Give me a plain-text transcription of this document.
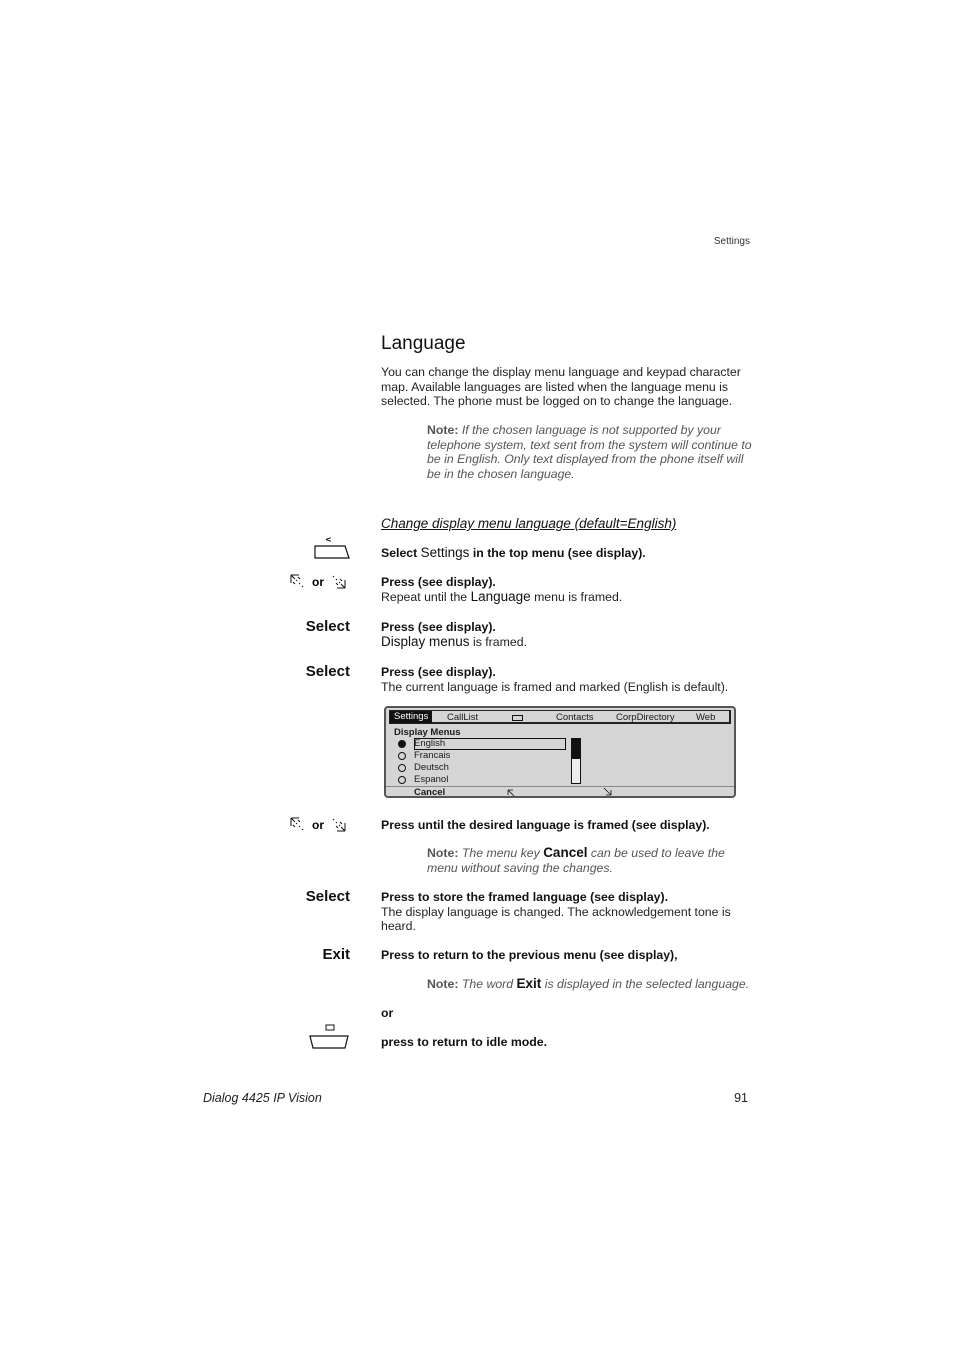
Settings
Language
You can change the display menu language and keypad character map. Available languages are listed when the language menu is selected. The phone must be logged on to change the language.
Note: If the chosen language is not supported by your telephone system, text sent from the system will continue to be in English. Only text displayed from the phone itself will be in the chosen language.
Change display menu language (default=English)
<
Select Settings in the top menu (see display).
or	Press (see display).
Repeat until the Language menu is framed.
Select	Press (see display).
Display menus is framed.
Select	Press (see display).
The current language is framed and marked (English is default).
Settings	CallList	Contacts CorpDirectory Web
Display Menus
English
Francais
Deutsch
Espanol
Cancel
or	Press until the desired language is framed (see display).
Note: The menu key Cancel can be used to leave the menu without saving the changes.
Select	Press to store the framed language (see display).
The display language is changed. The acknowledgement tone is heard.
Exit	Press to return to the previous menu (see display),
Note: The word Exit is displayed in the selected language.
or
press to return to idle mode.
Dialog 4425 IP Vision	91
